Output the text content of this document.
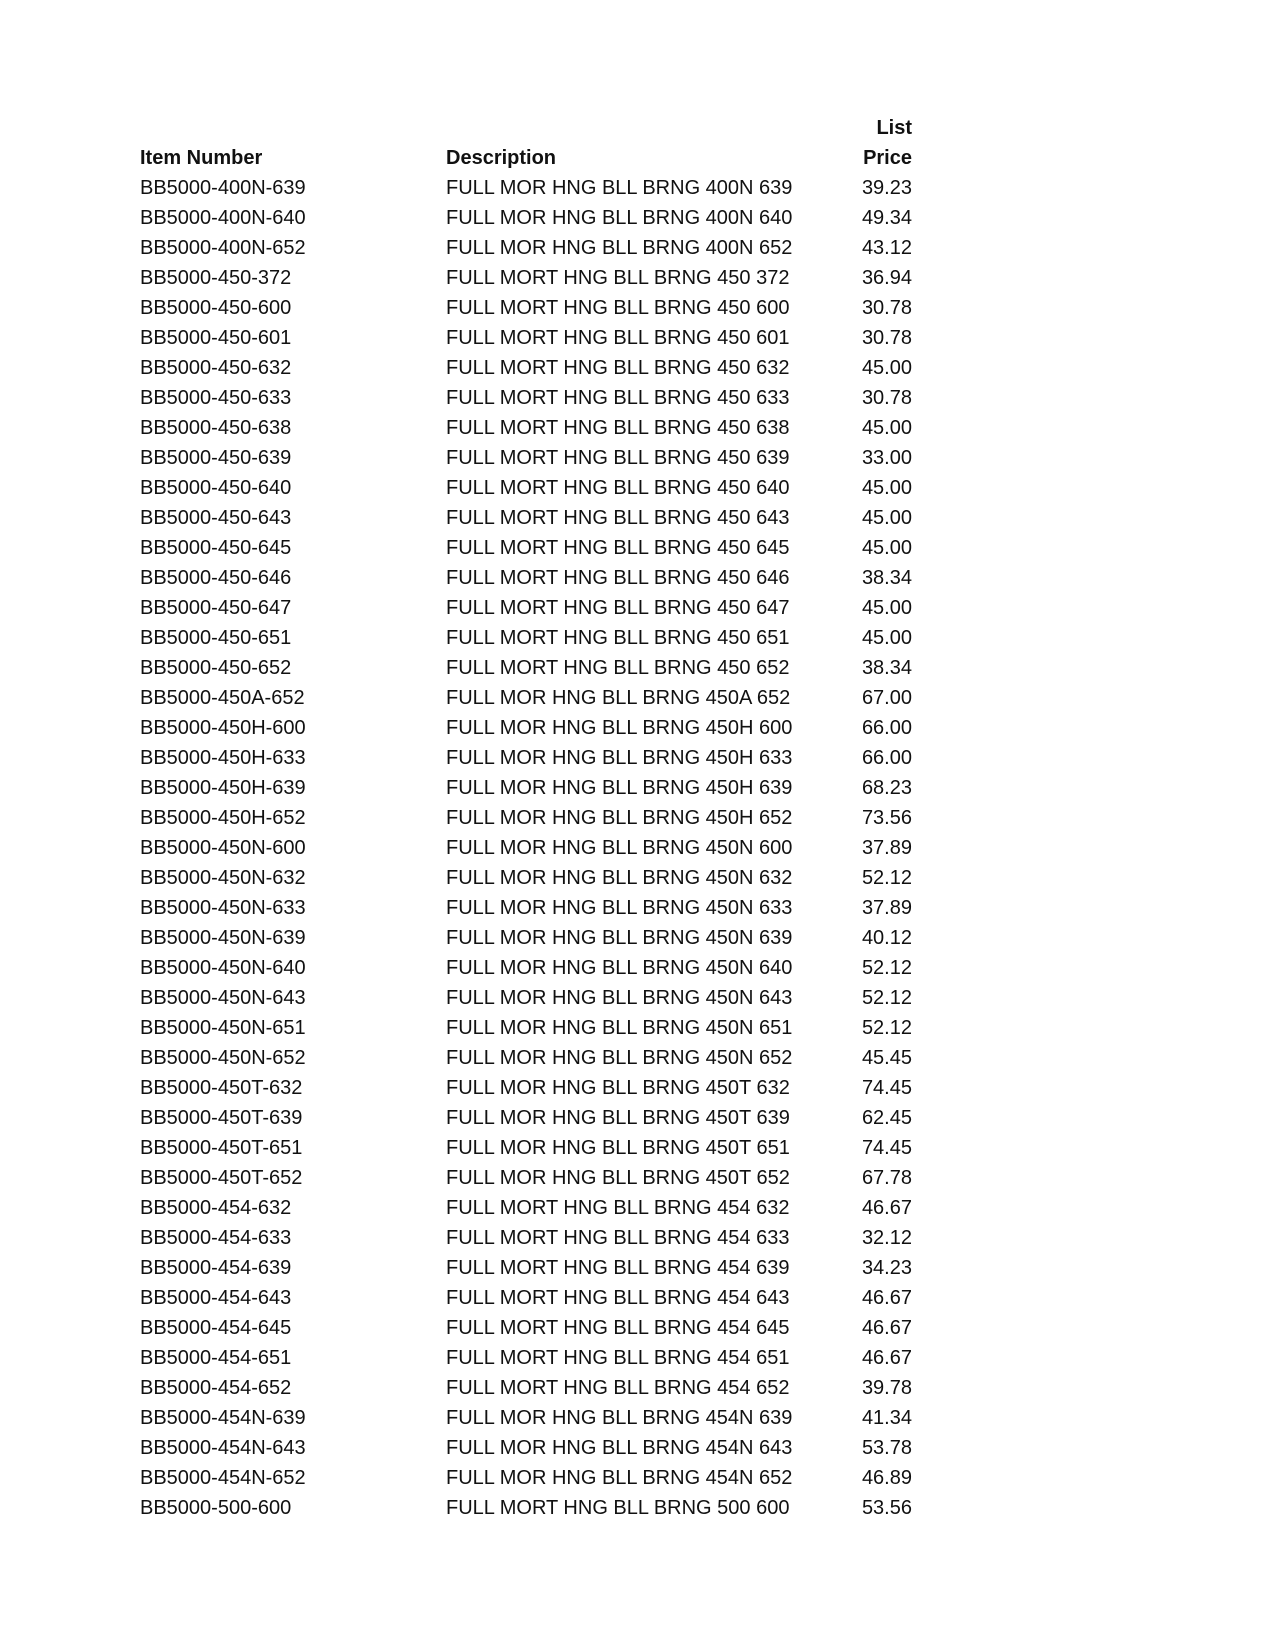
List
Item Number	Description	Price
BB5000-400N-639	FULL MOR HNG BLL BRNG 400N 639	39.23
BB5000-400N-640	FULL MOR HNG BLL BRNG 400N 640	49.34
BB5000-400N-652	FULL MOR HNG BLL BRNG 400N 652	43.12
BB5000-450-372	FULL MORT HNG BLL BRNG 450 372	36.94
BB5000-450-600	FULL MORT HNG BLL BRNG 450 600	30.78
BB5000-450-601	FULL MORT HNG BLL BRNG 450 601	30.78
BB5000-450-632	FULL MORT HNG BLL BRNG 450 632	45.00
BB5000-450-633	FULL MORT HNG BLL BRNG 450 633	30.78
BB5000-450-638	FULL MORT HNG BLL BRNG 450 638	45.00
BB5000-450-639	FULL MORT HNG BLL BRNG 450 639	33.00
BB5000-450-640	FULL MORT HNG BLL BRNG 450 640	45.00
BB5000-450-643	FULL MORT HNG BLL BRNG 450 643	45.00
BB5000-450-645	FULL MORT HNG BLL BRNG 450 645	45.00
BB5000-450-646	FULL MORT HNG BLL BRNG 450 646	38.34
BB5000-450-647	FULL MORT HNG BLL BRNG 450 647	45.00
BB5000-450-651	FULL MORT HNG BLL BRNG 450 651	45.00
BB5000-450-652	FULL MORT HNG BLL BRNG 450 652	38.34
BB5000-450A-652	FULL MOR HNG BLL BRNG 450A 652	67.00
BB5000-450H-600	FULL MOR HNG BLL BRNG 450H 600	66.00
BB5000-450H-633	FULL MOR HNG BLL BRNG 450H 633	66.00
BB5000-450H-639	FULL MOR HNG BLL BRNG 450H 639	68.23
BB5000-450H-652	FULL MOR HNG BLL BRNG 450H 652	73.56
BB5000-450N-600	FULL MOR HNG BLL BRNG 450N 600	37.89
BB5000-450N-632	FULL MOR HNG BLL BRNG 450N 632	52.12
BB5000-450N-633	FULL MOR HNG BLL BRNG 450N 633	37.89
BB5000-450N-639	FULL MOR HNG BLL BRNG 450N 639	40.12
BB5000-450N-640	FULL MOR HNG BLL BRNG 450N 640	52.12
BB5000-450N-643	FULL MOR HNG BLL BRNG 450N 643	52.12
BB5000-450N-651	FULL MOR HNG BLL BRNG 450N 651	52.12
BB5000-450N-652	FULL MOR HNG BLL BRNG 450N 652	45.45
BB5000-450T-632	FULL MOR HNG BLL BRNG 450T 632	74.45
BB5000-450T-639	FULL MOR HNG BLL BRNG 450T 639	62.45
BB5000-450T-651	FULL MOR HNG BLL BRNG 450T 651	74.45
BB5000-450T-652	FULL MOR HNG BLL BRNG 450T 652	67.78
BB5000-454-632	FULL MORT HNG BLL BRNG 454 632	46.67
BB5000-454-633	FULL MORT HNG BLL BRNG 454 633	32.12
BB5000-454-639	FULL MORT HNG BLL BRNG 454 639	34.23
BB5000-454-643	FULL MORT HNG BLL BRNG 454 643	46.67
BB5000-454-645	FULL MORT HNG BLL BRNG 454 645	46.67
BB5000-454-651	FULL MORT HNG BLL BRNG 454 651	46.67
BB5000-454-652	FULL MORT HNG BLL BRNG 454 652	39.78
BB5000-454N-639	FULL MOR HNG BLL BRNG 454N 639	41.34
BB5000-454N-643	FULL MOR HNG BLL BRNG 454N 643	53.78
BB5000-454N-652	FULL MOR HNG BLL BRNG 454N 652	46.89
BB5000-500-600	FULL MORT HNG BLL BRNG 500 600	53.56
